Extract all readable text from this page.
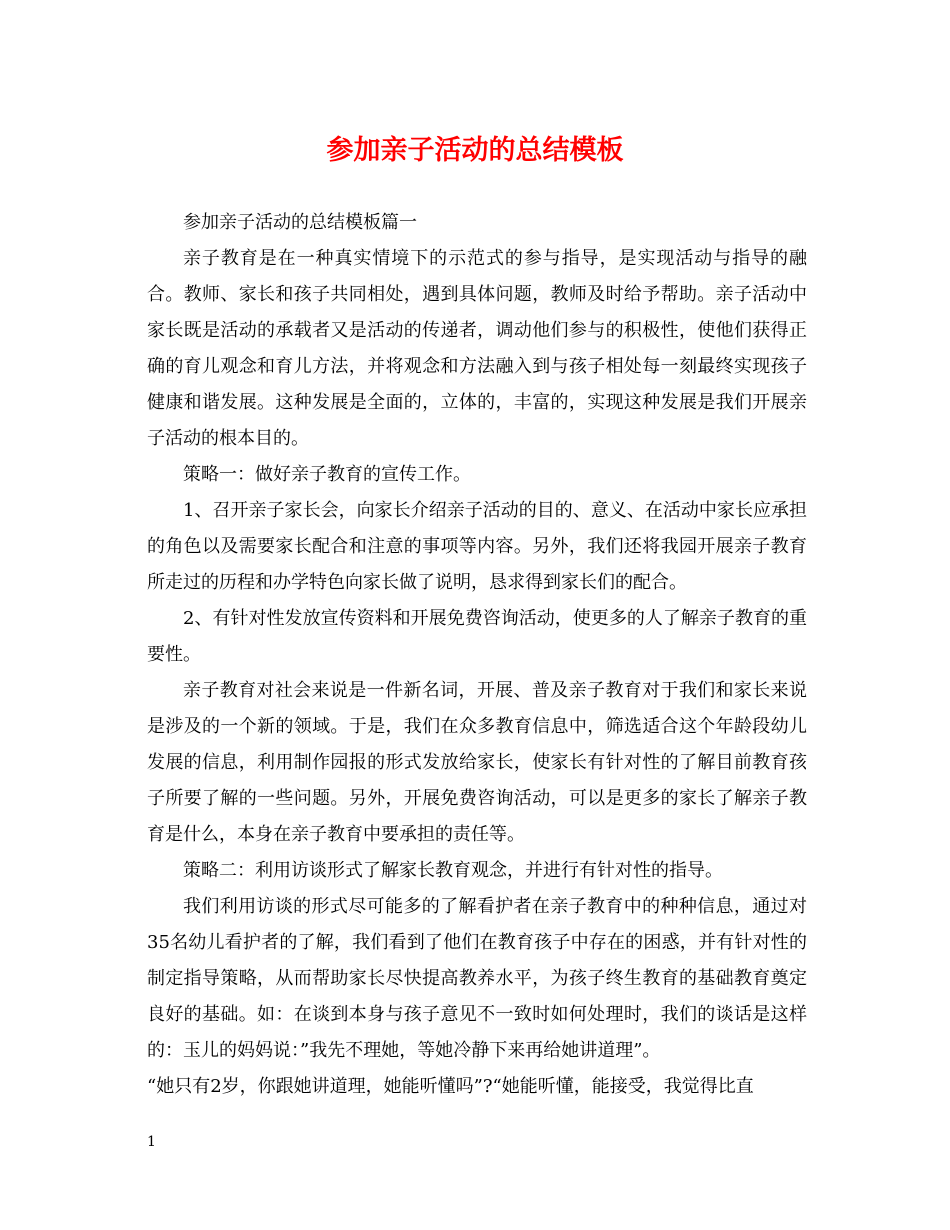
参加亲子活动的总结模板

参加亲子活动的总结模板篇一

亲子教育是在一种真实情境下的示范式的参与指导，是实现活动与指导的融合。教师、家长和孩子共同相处，遇到具体问题，教师及时给予帮助。亲子活动中家长既是活动的承载者又是活动的传递者，调动他们参与的积极性，使他们获得正确的育儿观念和育儿方法，并将观念和方法融入到与孩子相处每一刻最终实现孩子健康和谐发展。这种发展是全面的，立体的，丰富的，实现这种发展是我们开展亲子活动的根本目的。

策略一：做好亲子教育的宣传工作。

1、召开亲子家长会，向家长介绍亲子活动的目的、意义、在活动中家长应承担的角色以及需要家长配合和注意的事项等内容。另外，我们还将我园开展亲子教育所走过的历程和办学特色向家长做了说明，恳求得到家长们的配合。

2、有针对性发放宣传资料和开展免费咨询活动，使更多的人了解亲子教育的重要性。

亲子教育对社会来说是一件新名词，开展、普及亲子教育对于我们和家长来说是涉及的一个新的领域。于是，我们在众多教育信息中，筛选适合这个年龄段幼儿发展的信息，利用制作园报的形式发放给家长，使家长有针对性的了解目前教育孩子所要了解的一些问题。另外，开展免费咨询活动，可以是更多的家长了解亲子教育是什么，本身在亲子教育中要承担的责任等。

策略二：利用访谈形式了解家长教育观念，并进行有针对性的指导。

我们利用访谈的形式尽可能多的了解看护者在亲子教育中的种种信息，通过对35名幼儿看护者的了解，我们看到了他们在教育孩子中存在的困惑，并有针对性的制定指导策略，从而帮助家长尽快提高教养水平，为孩子终生教育的基础教育奠定良好的基础。如：在谈到本身与孩子意见不一致时如何处理时，我们的谈话是这样的：玉儿的妈妈说：”我先不理她，等她冷静下来再给她讲道理”。

“她只有2岁，你跟她讲道理，她能听懂吗”?“她能听懂，能接受，我觉得比直

1
